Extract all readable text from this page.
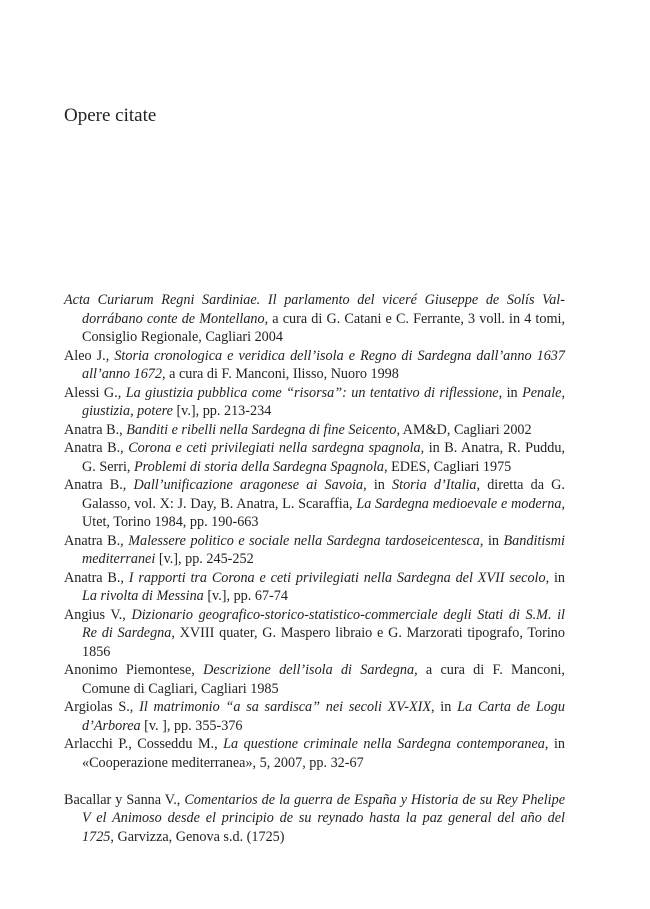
Opere citate

Acta Curiarum Regni Sardiniae. Il parlamento del viceré Giuseppe de Solís Valdorrábano conte de Montellano, a cura di G. Catani e C. Ferrante, 3 voll. in 4 tomi, Consiglio Regionale, Cagliari 2004

Aleo J., Storia cronologica e veridica dell’isola e Regno di Sardegna dall’anno 1637 all’anno 1672, a cura di F. Manconi, Ilisso, Nuoro 1998

Alessi G., La giustizia pubblica come “risorsa”: un tentativo di riflessione, in Penale, giustizia, potere [v.], pp. 213-234

Anatra B., Banditi e ribelli nella Sardegna di fine Seicento, AM&D, Cagliari 2002

Anatra B., Corona e ceti privilegiati nella sardegna spagnola, in B. Anatra, R. Puddu, G. Serri, Problemi di storia della Sardegna Spagnola, EDES, Cagliari 1975

Anatra B., Dall’unificazione aragonese ai Savoia, in Storia d’Italia, diretta da G. Galasso, vol. X: J. Day, B. Anatra, L. Scaraffia, La Sardegna medioevale e moderna, Utet, Torino 1984, pp. 190-663

Anatra B., Malessere politico e sociale nella Sardegna tardoseicentesca, in Banditismi mediterranei [v.], pp. 245-252

Anatra B., I rapporti tra Corona e ceti privilegiati nella Sardegna del XVII secolo, in La rivolta di Messina [v.], pp. 67-74

Angius V., Dizionario geografico-storico-statistico-commerciale degli Stati di S.M. il Re di Sardegna, XVIII quater, G. Maspero libraio e G. Marzorati tipografo, Torino 1856

Anonimo Piemontese, Descrizione dell’isola di Sardegna, a cura di F. Manconi, Comune di Cagliari, Cagliari 1985

Argiolas S., Il matrimonio “a sa sardisca” nei secoli XV-XIX, in La Carta de Logu d’Arborea [v. ], pp. 355-376

Arlacchi P., Cosseddu M., La questione criminale nella Sardegna contemporanea, in «Cooperazione mediterranea», 5, 2007, pp. 32-67

Bacallar y Sanna V., Comentarios de la guerra de España y Historia de su Rey Phelipe V el Animoso desde el principio de su reynado hasta la paz general del año del 1725, Garvizza, Genova s.d. (1725)
